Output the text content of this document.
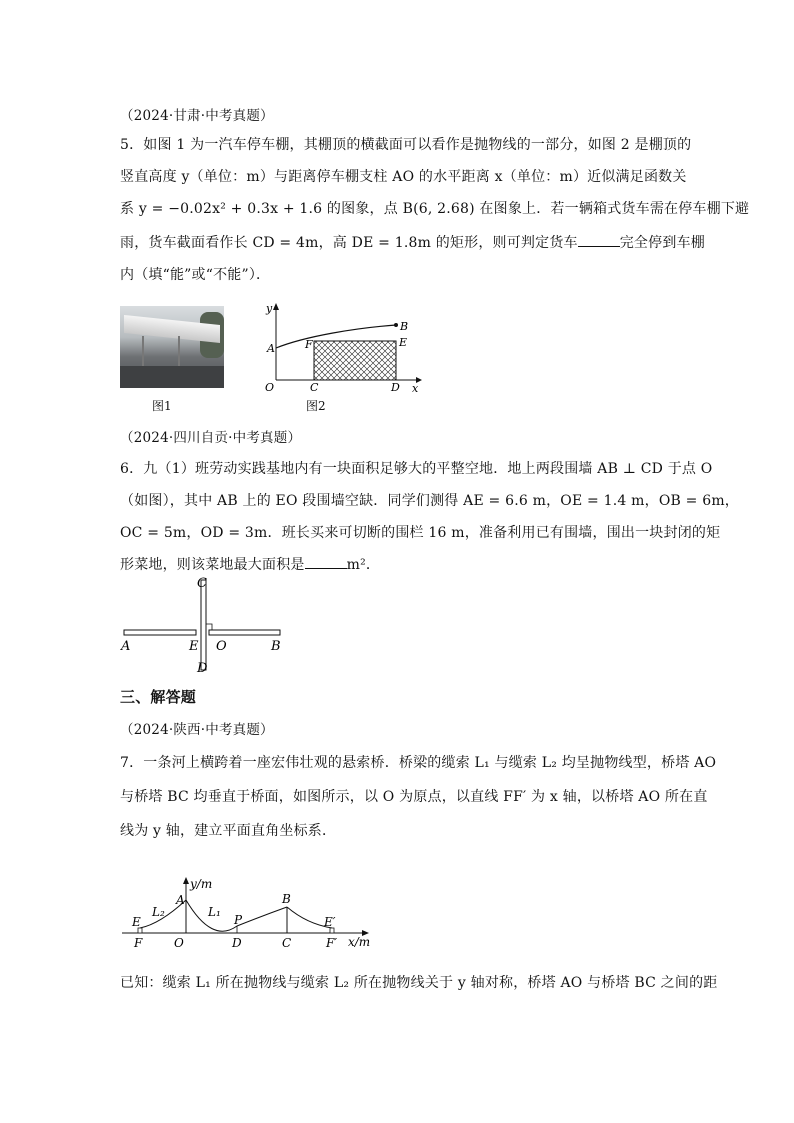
（2024·甘肃·中考真题）
5．如图 1 为一汽车停车棚，其棚顶的横截面可以看作是抛物线的一部分，如图 2 是棚顶的
竖直高度 y（单位：m）与距离停车棚支柱 AO 的水平距离 x（单位：m）近似满足函数关
系 y = −0.02x² + 0.3x + 1.6 的图象，点 B(6, 2.68) 在图象上．若一辆箱式货车需在停车棚下避
雨，货车截面看作长 CD = 4m，高 DE = 1.8m 的矩形，则可判定货车	完全停到车棚
内（填“能”或“不能”）．
图1
y
x
A
B
E
F
O	C	D
图2
（2024·四川自贡·中考真题）
6．九（1）班劳动实践基地内有一块面积足够大的平整空地．地上两段围墙 AB ⊥ CD 于点 O
（如图），其中 AB 上的 EO 段围墙空缺．同学们测得 AE = 6.6 m，OE = 1.4 m，OB = 6m，
OC = 5m，OD = 3m．班长买来可切断的围栏 16 m，准备利用已有围墙，围出一块封闭的矩
形菜地，则该菜地最大面积是	m²．
C
A	E O	B
D
三、解答题
（2024·陕西·中考真题）
7．一条河上横跨着一座宏伟壮观的悬索桥．桥梁的缆索 L₁ 与缆索 L₂ 均呈抛物线型，桥塔 AO
与桥塔 BC 均垂直于桥面，如图所示，以 O 为原点，以直线 FF′ 为 x 轴，以桥塔 AO 所在直
线为 y 轴，建立平面直角坐标系．
y/m
x/m
A	B
E	E′
L₂	L₁
P
F	O	D	C	F′
已知：缆索 L₁ 所在抛物线与缆索 L₂ 所在抛物线关于 y 轴对称，桥塔 AO 与桥塔 BC 之间的距
